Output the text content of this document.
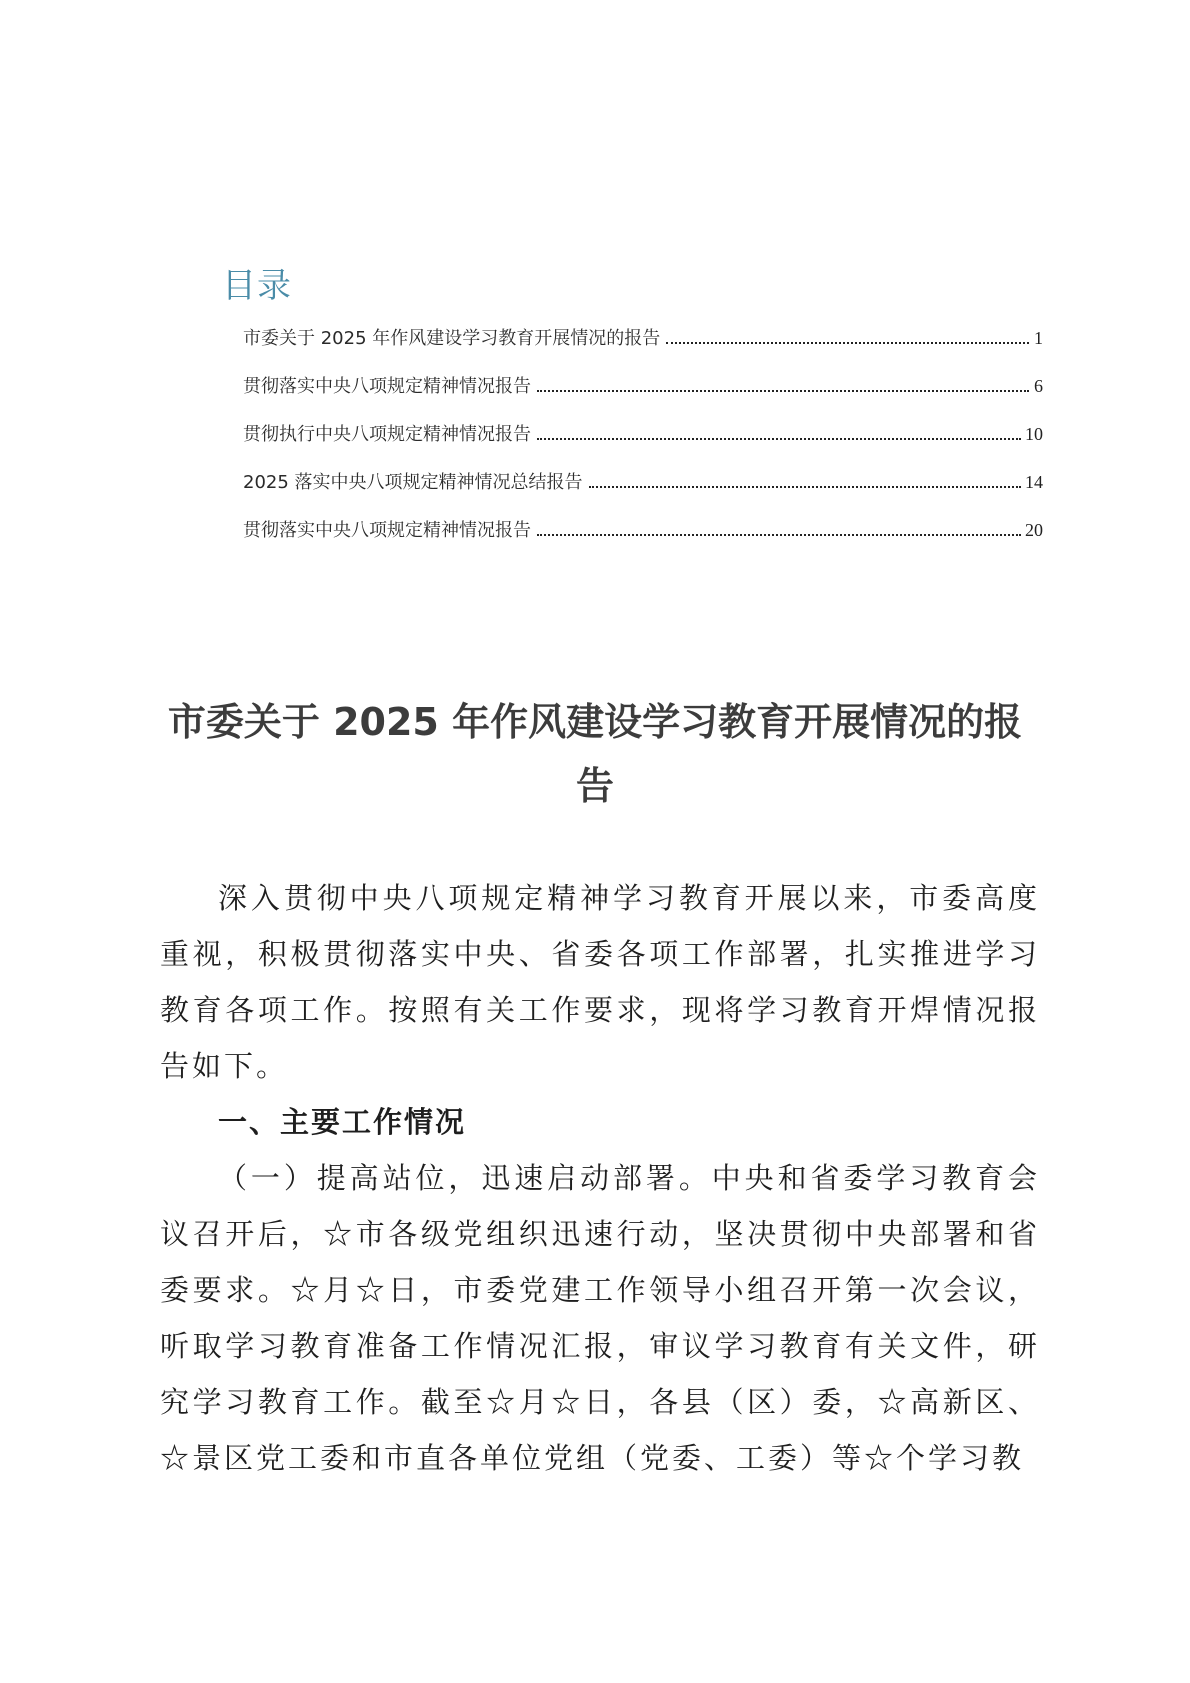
目录
市委关于 2025 年作风建设学习教育开展情况的报告	1
贯彻落实中央八项规定精神情况报告	6
贯彻执行中央八项规定精神情况报告	10
2025 落实中央八项规定精神情况总结报告	14
贯彻落实中央八项规定精神情况报告	20
市委关于 2025 年作风建设学习教育开展情况的报告

深入贯彻中央八项规定精神学习教育开展以来，市委高度重视，积极贯彻落实中央、省委各项工作部署，扎实推进学习教育各项工作。按照有关工作要求，现将学习教育开焊情况报告如下。

一、主要工作情况

（一）提高站位，迅速启动部署。中央和省委学习教育会议召开后，☆市各级党组织迅速行动，坚决贯彻中央部署和省委要求。☆月☆日，市委党建工作领导小组召开第一次会议，听取学习教育准备工作情况汇报，审议学习教育有关文件，研究学习教育工作。截至☆月☆日，各县（区）委，☆高新区、☆景区党工委和市直各单位党组（党委、工委）等☆个学习教
